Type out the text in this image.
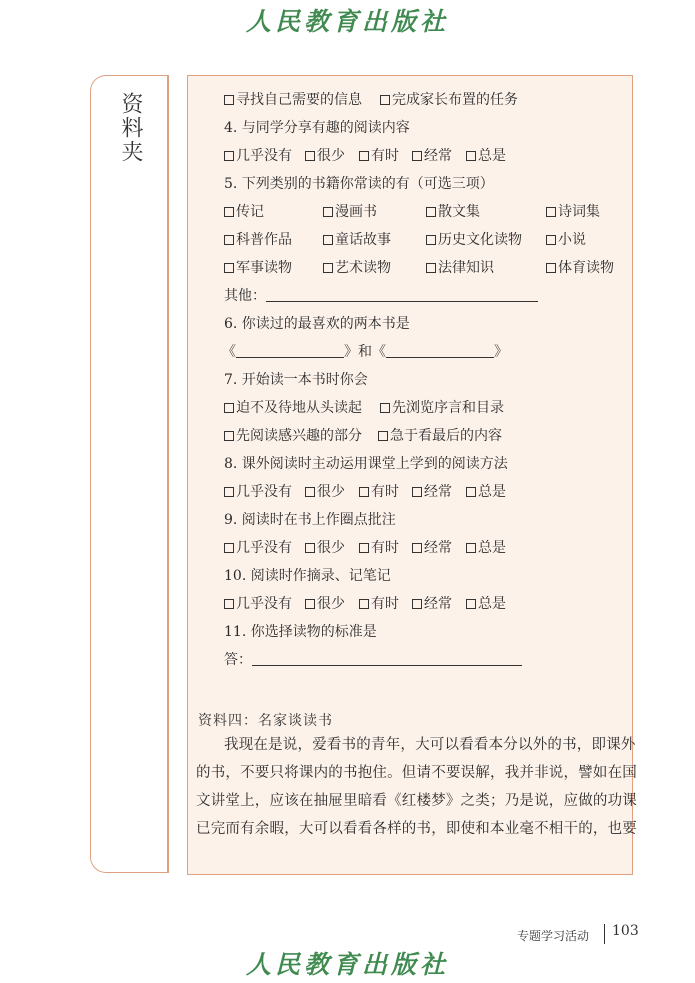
人民教育出版社
资料夹	寻找自己需要的信息	完成家长布置的任务
4. 与同学分享有趣的阅读内容
几乎没有	很少	有时	经常	总是
5. 下列类别的书籍你常读的有（可选三项）
传记	漫画书	散文集	诗词集
科普作品	童话故事	历史文化读物	小说
军事读物	艺术读物	法律知识	体育读物
其他：
6. 你读过的最喜欢的两本书是
《	》和《	》
7. 开始读一本书时你会
迫不及待地从头读起	先浏览序言和目录
先阅读感兴趣的部分	急于看最后的内容
8. 课外阅读时主动运用课堂上学到的阅读方法
几乎没有	很少	有时	经常	总是
9. 阅读时在书上作圈点批注
几乎没有	很少	有时	经常	总是
10. 阅读时作摘录、记笔记
几乎没有	很少	有时	经常	总是
11. 你选择读物的标准是
答：
资料四：名家谈读书
我现在是说，爱看书的青年，大可以看看本分以外的书，即课外
的书，不要只将课内的书抱住。但请不要误解，我并非说，譬如在国
文讲堂上，应该在抽屉里暗看《红楼梦》之类；乃是说，应做的功课
已完而有余暇，大可以看看各样的书，即使和本业毫不相干的，也要
专题学习活动 103
人民教育出版社
